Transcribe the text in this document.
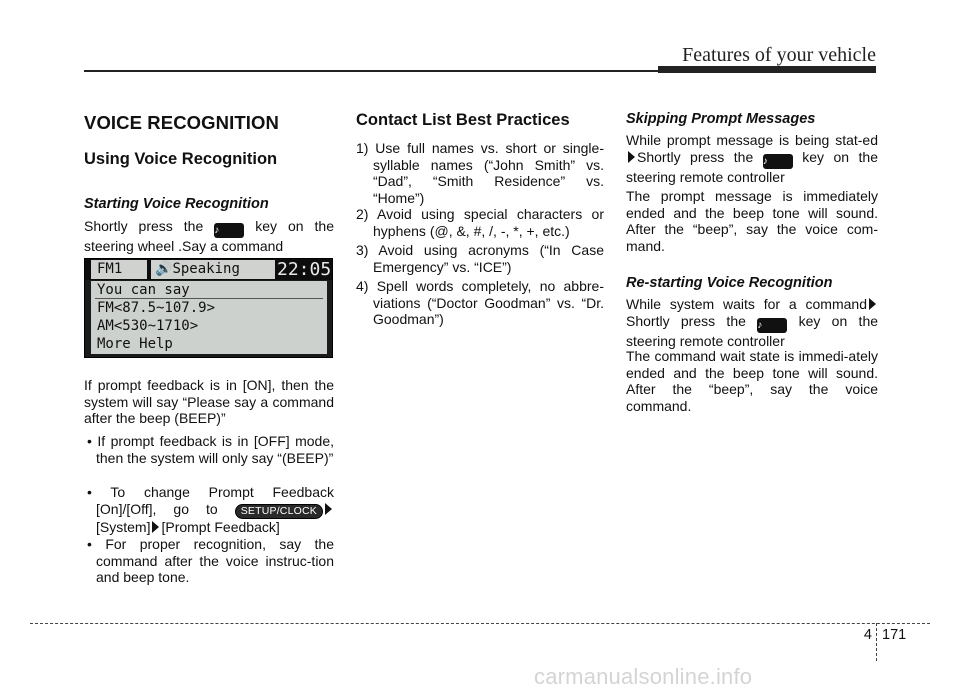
Features of your vehicle
VOICE RECOGNITION
Using Voice Recognition
Starting Voice Recognition
Shortly press the ♪	key on the steering wheel .Say a command
FM1	🔊Speaking	22:05
You can say
FM<87.5~107.9>
AM<530~1710>
More Help
If prompt feedback is in [ON], then the system will say “Please say a command after the beep (BEEP)”
• If prompt feedback is in [OFF] mode, then the system will only say “(BEEP)”
• To change Prompt Feedback [On]/[Off], go to SETUP/CLOCK [System] [Prompt Feedback]
• For proper recognition, say the command after the voice instruc-tion and beep tone.
Contact List Best Practices
1) Use full names vs. short or single-syllable names (“John Smith” vs. “Dad”, “Smith Residence” vs. “Home”)
2) Avoid using special characters or hyphens (@, &, #, /, -, *, +, etc.)
3) Avoid using acronyms (“In Case Emergency” vs. “ICE”)
4) Spell words completely, no abbre-viations (“Doctor Goodman” vs. “Dr. Goodman”)
Skipping Prompt Messages
While prompt message is being stat-edShortly press the ♪ key on the steering remote controller
The prompt message is immediately ended and the beep tone will sound. After the “beep”, say the voice com-mand.
Re-starting Voice Recognition
While system waits for a command Shortly press the ♪	key on the steering remote controller
The command wait state is immedi-ately ended and the beep tone will sound. After the “beep”, say the voice command.
4 171
carmanualsonline.info
